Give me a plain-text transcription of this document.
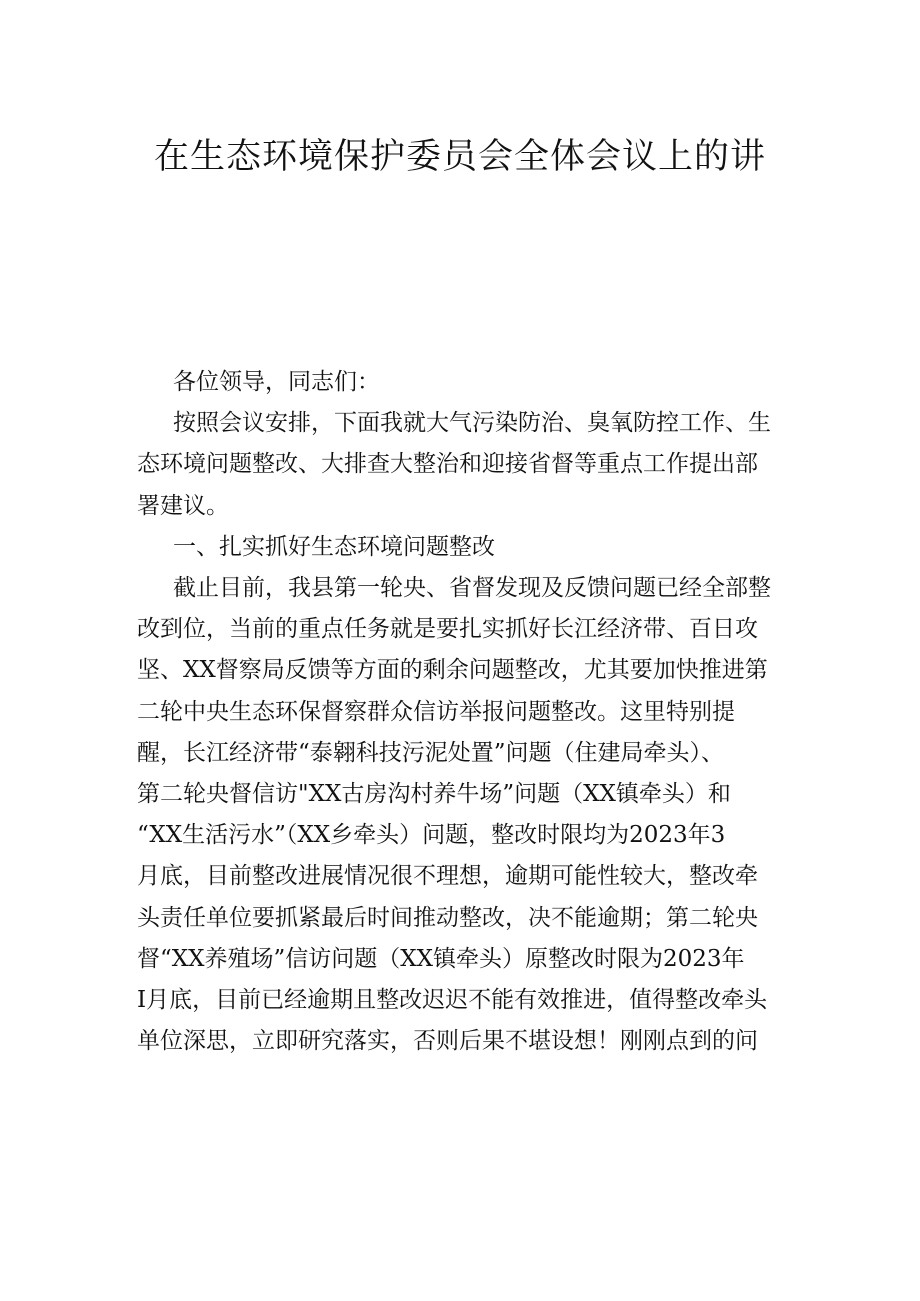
在生态环境保护委员会全体会议上的讲
各位领导，同志们：
按照会议安排，下面我就大气污染防治、臭氧防控工作、生
态环境问题整改、大排查大整治和迎接省督等重点工作提出部
署建议。
一、扎实抓好生态环境问题整改
截止目前，我县第一轮央、省督发现及反馈问题已经全部整
改到位，当前的重点任务就是要扎实抓好长江经济带、百日攻
坚、XX督察局反馈等方面的剩余问题整改，尤其要加快推进第
二轮中央生态环保督察群众信访举报问题整改。这里特别提
醒，长江经济带“泰翱科技污泥处置”问题（住建局牵头）、
第二轮央督信访"XX古房沟村养牛场”问题（XX镇牵头）和
“XX生活污水”（XX乡牵头）问题，整改时限均为2023年3
月底，目前整改进展情况很不理想，逾期可能性较大，整改牵
头责任单位要抓紧最后时间推动整改，决不能逾期；第二轮央
督“XX养殖场”信访问题（XX镇牵头）原整改时限为2023年
I月底，目前已经逾期且整改迟迟不能有效推进，值得整改牵头
单位深思，立即研究落实，否则后果不堪设想！刚刚点到的问
